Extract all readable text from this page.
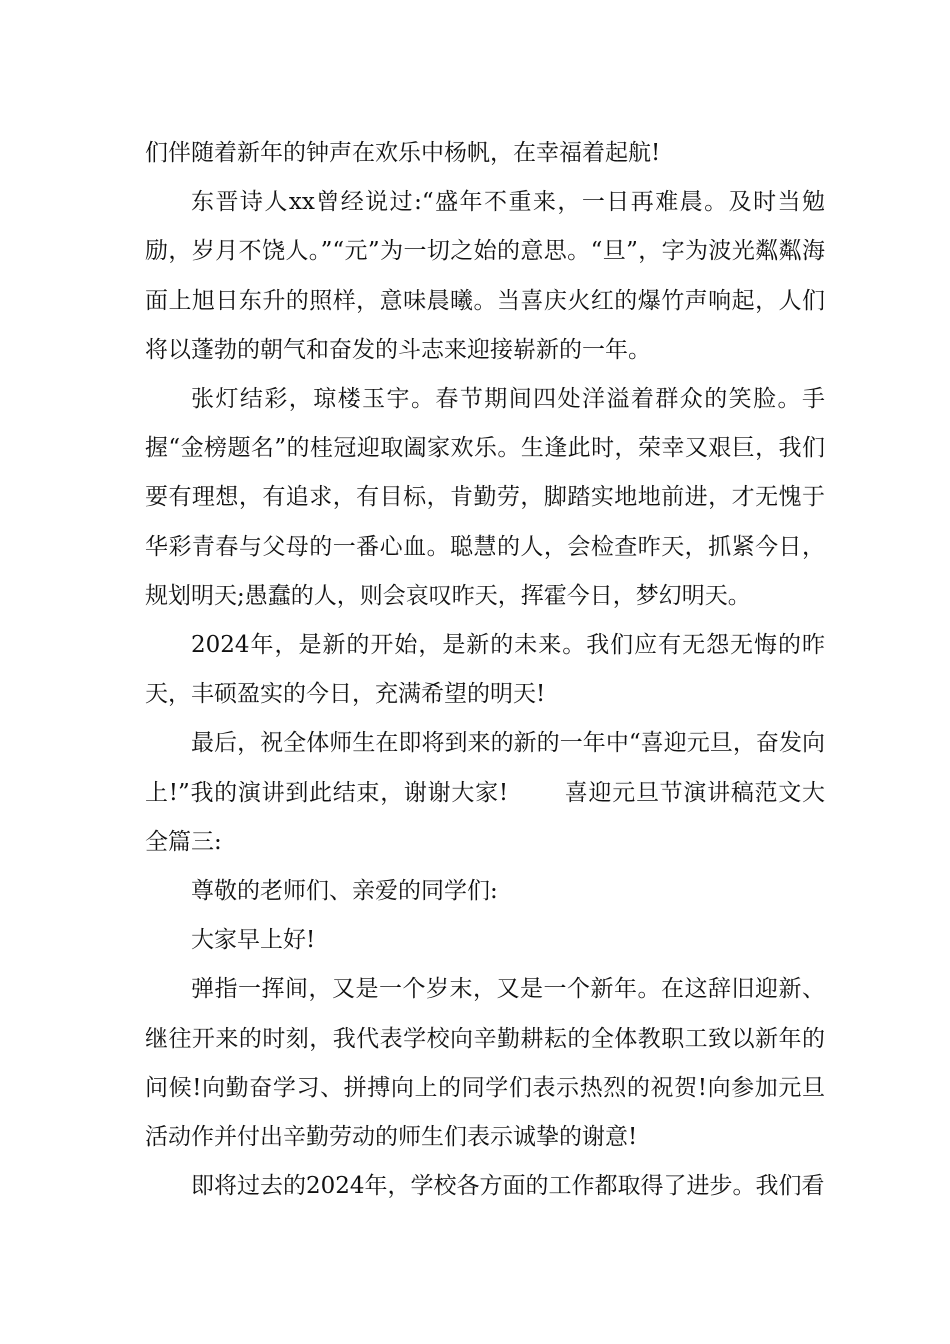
们伴随着新年的钟声在欢乐中杨帆，在幸福着起航!

东晋诗人xx曾经说过:“盛年不重来，一日再难晨。及时当勉励，岁月不饶人。”“元”为一切之始的意思。“旦”，字为波光粼粼海面上旭日东升的照样，意味晨曦。当喜庆火红的爆竹声响起，人们将以蓬勃的朝气和奋发的斗志来迎接崭新的一年。

张灯结彩，琼楼玉宇。春节期间四处洋溢着群众的笑脸。手握“金榜题名”的桂冠迎取阖家欢乐。生逢此时，荣幸又艰巨，我们要有理想，有追求，有目标，肯勤劳，脚踏实地地前进，才无愧于华彩青春与父母的一番心血。聪慧的人，会检查昨天，抓紧今日，规划明天;愚蠢的人，则会哀叹昨天，挥霍今日，梦幻明天。

2024年，是新的开始，是新的未来。我们应有无怨无悔的昨天，丰硕盈实的今日，充满希望的明天!

最后，祝全体师生在即将到来的新的一年中“喜迎元旦，奋发向上!”我的演讲到此结束，谢谢大家! 喜迎元旦节演讲稿范文大全篇三:

尊敬的老师们、亲爱的同学们:

大家早上好!

弹指一挥间，又是一个岁末，又是一个新年。在这辞旧迎新、继往开来的时刻，我代表学校向辛勤耕耘的全体教职工致以新年的问候!向勤奋学习、拼搏向上的同学们表示热烈的祝贺!向参加元旦活动作并付出辛勤劳动的师生们表示诚挚的谢意!

即将过去的2024年，学校各方面的工作都取得了进步。我们看
